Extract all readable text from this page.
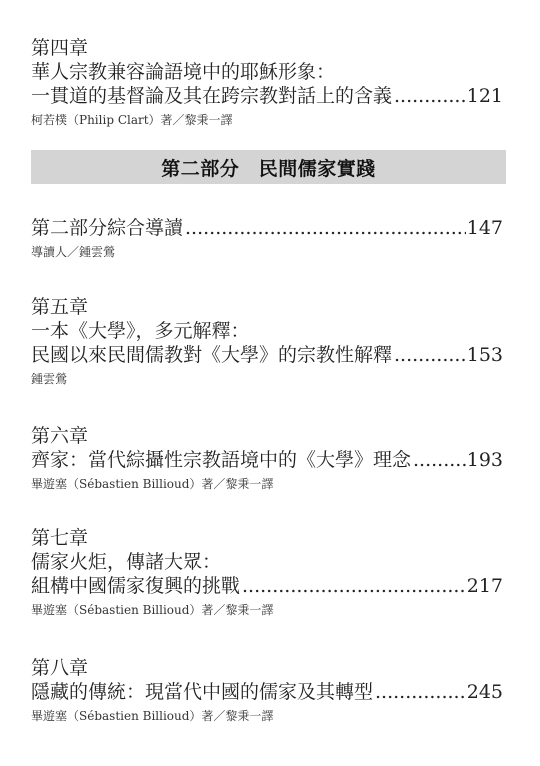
第四章
華人宗教兼容論語境中的耶穌形象：
一貫道的基督論及其在跨宗教對話上的含義 .....	121
柯若樸（Philip Clart）著／黎秉一譯
第二部分　民間儒家實踐
第二部分綜合導讀 .....	147
導讀人／鍾雲鶯
第五章
一本《大學》，多元解釋：
民國以來民間儒教對《大學》的宗教性解釋 .....	153
鍾雲鶯
第六章
齊家：當代綜攝性宗教語境中的《大學》理念 .....	193
畢遊塞（Sébastien Billioud）著／黎秉一譯
第七章
儒家火炬，傳諸大眾：
組構中國儒家復興的挑戰 .....	217
畢遊塞（Sébastien Billioud）著／黎秉一譯
第八章
隱藏的傳統：現當代中國的儒家及其轉型 .....	245
畢遊塞（Sébastien Billioud）著／黎秉一譯
